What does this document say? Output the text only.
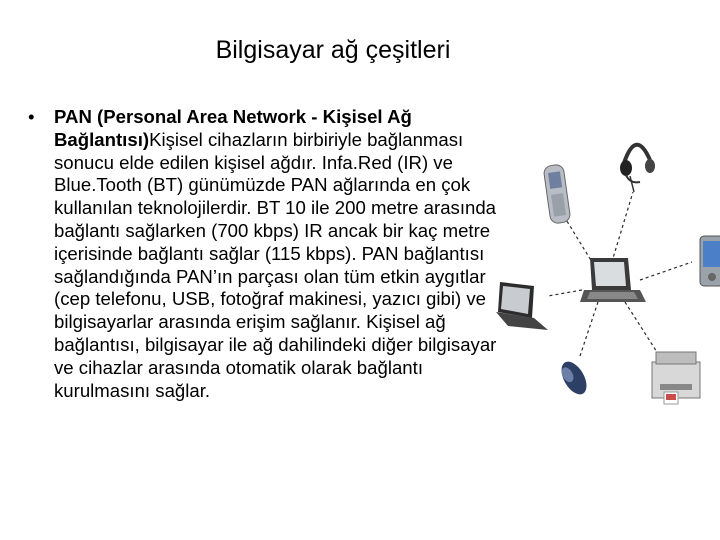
Bilgisayar ağ çeşitleri
• PAN (Personal Area Network - Kişisel Ağ Bağlantısı)Kişisel cihazların birbiriyle bağlanması sonucu elde edilen kişisel ağdır. Infa.Red (IR) ve Blue.Tooth (BT) günümüzde PAN ağlarında en çok kullanılan teknolojilerdir. BT 10 ile 200 metre arasında bağlantı sağlarken (700 kbps) IR ancak bir kaç metre içerisinde bağlantı sağlar (115 kbps). PAN bağlantısı sağlandığında PAN’ın parçası olan tüm etkin aygıtlar (cep telefonu, USB, fotoğraf makinesi, yazıcı gibi) ve bilgisayarlar arasında erişim sağlanır. Kişisel ağ bağlantısı, bilgisayar ile ağ dahilindeki diğer bilgisayar ve cihazlar arasında otomatik olarak bağlantı kurulmasını sağlar.
